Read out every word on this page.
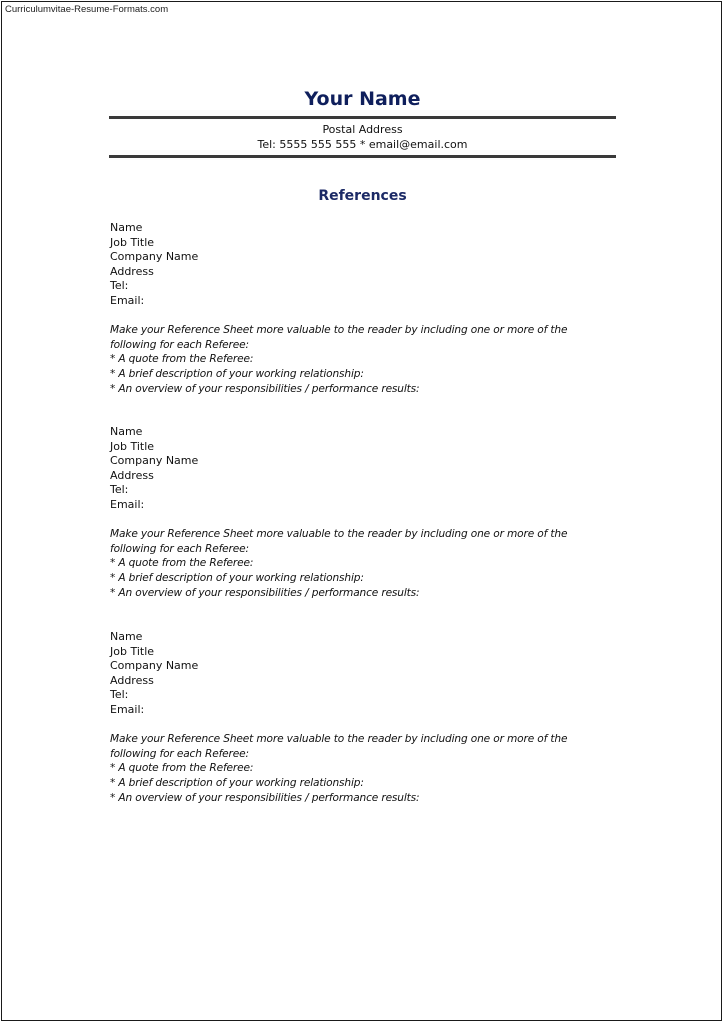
Curriculumvitae-Resume-Formats.com
Your Name
Postal Address
Tel: 5555 555 555 * email@email.com
References
Name
Job Title
Company Name
Address
Tel:
Email:
Make your Reference Sheet more valuable to the reader by including one or more of the
following for each Referee:
* A quote from the Referee:
* A brief description of your working relationship:
* An overview of your responsibilities / performance results:
Name
Job Title
Company Name
Address
Tel:
Email:
Make your Reference Sheet more valuable to the reader by including one or more of the
following for each Referee:
* A quote from the Referee:
* A brief description of your working relationship:
* An overview of your responsibilities / performance results:
Name
Job Title
Company Name
Address
Tel:
Email:
Make your Reference Sheet more valuable to the reader by including one or more of the
following for each Referee:
* A quote from the Referee:
* A brief description of your working relationship:
* An overview of your responsibilities / performance results:
